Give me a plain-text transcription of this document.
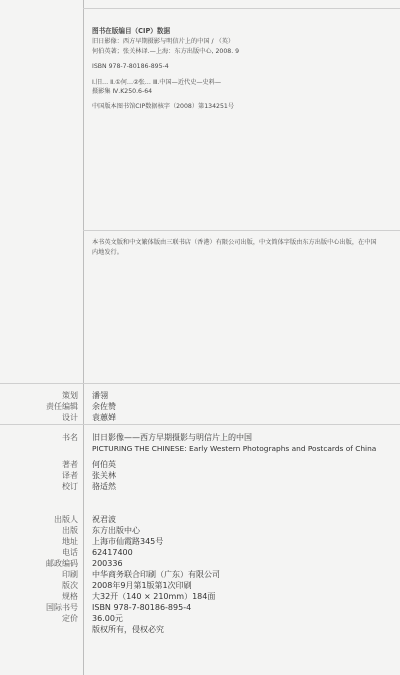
图书在版编目（CIP）数据

旧日影像：西方早期摄影与明信片上的中国 / （英）

何伯英著；张关林译.—上海：东方出版中心, 2008. 9

ISBN 978-7-80186-895-4

Ⅰ.旧… Ⅱ.①何…②张… Ⅲ.中国—近代史—史料—

摄影集 Ⅳ.K250.6-64

中国版本图书馆CIP数据核字（2008）第134251号

本书英文版和中文繁体版由三联书店（香港）有限公司出版，中文简体字版由东方出版中心出版，在中国内地发行。
策划 潘翎
责任编辑 余佐赞
设计 袁蕙婵
书名 旧日影像——西方早期摄影与明信片上的中国
PICTURING THE CHINESE: Early Western Photographs and Postcards of China
著者 何伯英
译者 张关林
校订 骆适然
出版人 祝君波
出版 东方出版中心
地址 上海市仙霞路345号
电话 62417400
邮政编码 200336
印刷 中华商务联合印刷（广东）有限公司
版次 2008年9月第1版第1次印刷
规格 大32开（140 × 210mm）184面
国际书号 ISBN 978-7-80186-895-4
定价 36.00元
版权所有，侵权必究
